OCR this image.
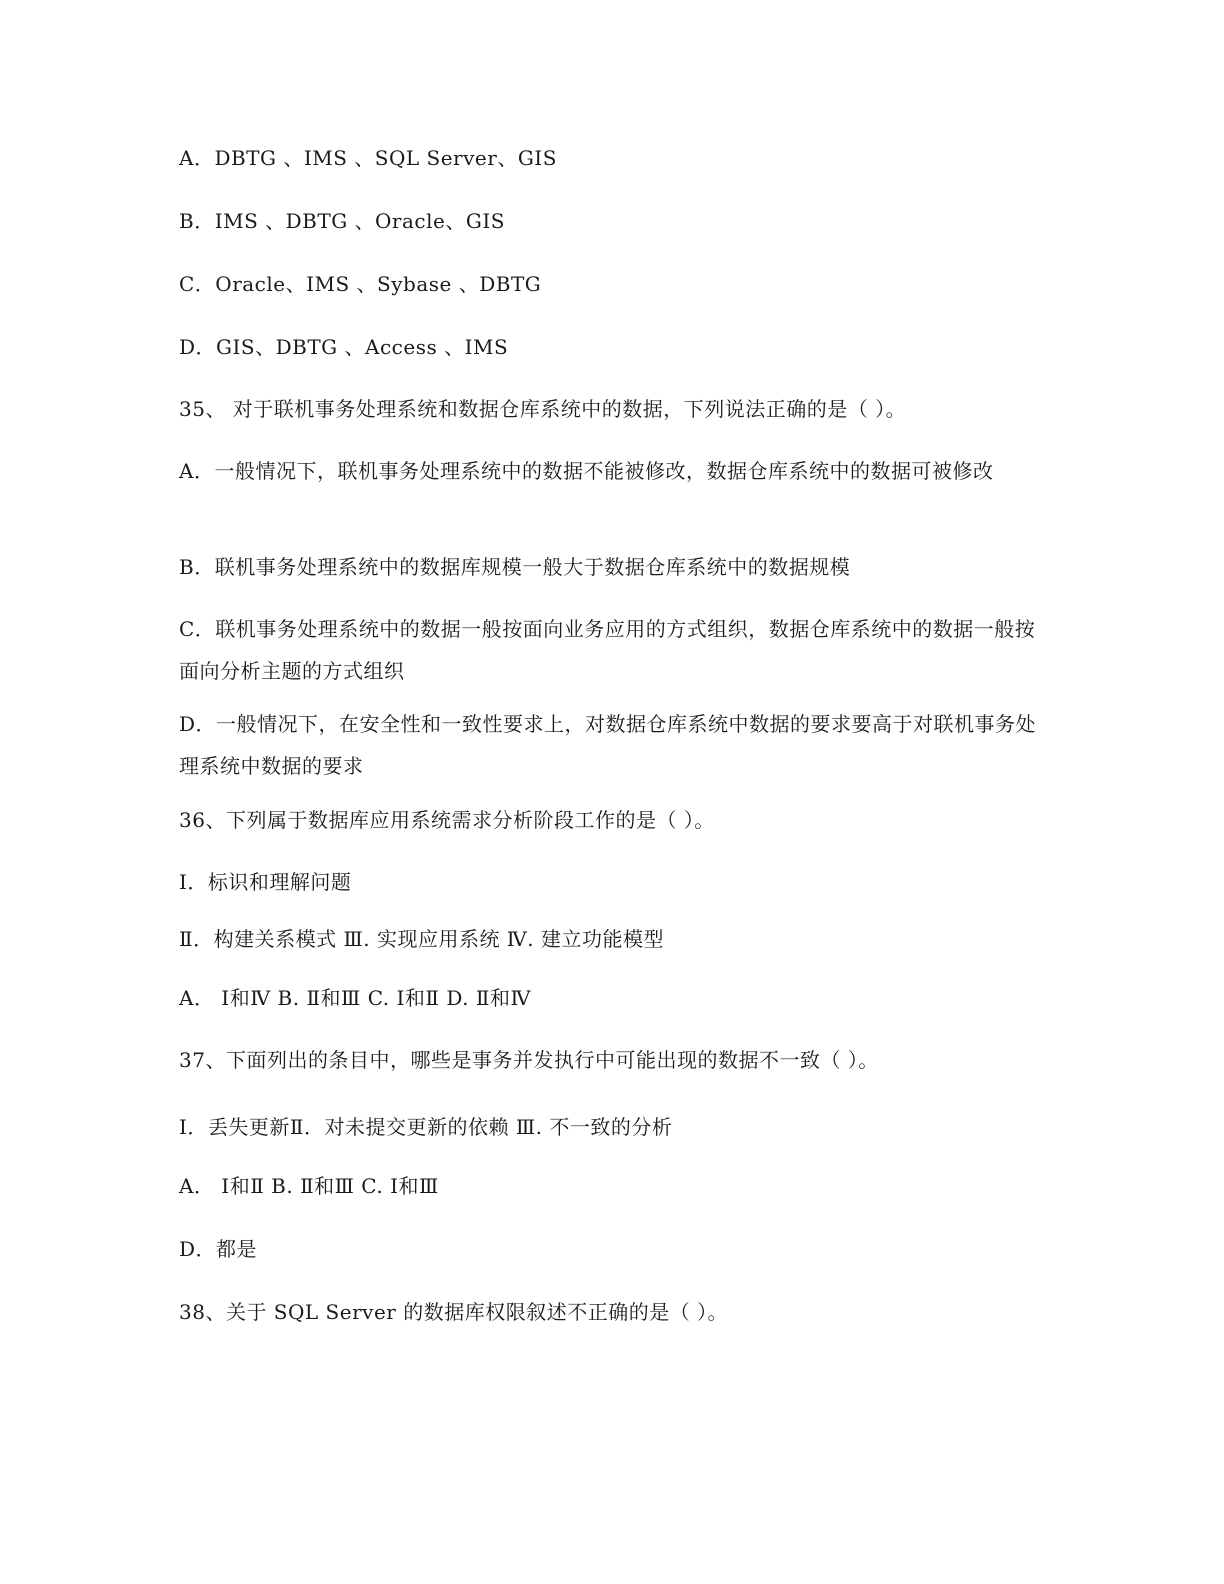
A．DBTG 、IMS 、SQL Server、GIS
B．IMS 、DBTG 、Oracle、GIS
C．Oracle、IMS 、Sybase 、DBTG
D．GIS、DBTG 、Access 、IMS
35、 对于联机事务处理系统和数据仓库系统中的数据，下列说法正确的是（ ）。
A．一般情况下，联机事务处理系统中的数据不能被修改，数据仓库系统中的数据可被修改
B．联机事务处理系统中的数据库规模一般大于数据仓库系统中的数据规模
C．联机事务处理系统中的数据一般按面向业务应用的方式组织，数据仓库系统中的数据一般按面向分析主题的方式组织
D．一般情况下，在安全性和一致性要求上，对数据仓库系统中数据的要求要高于对联机事务处理系统中数据的要求
36、下列属于数据库应用系统需求分析阶段工作的是（ ）。
Ⅰ．标识和理解问题
Ⅱ．构建关系模式 Ⅲ. 实现应用系统 Ⅳ. 建立功能模型
A． Ⅰ和Ⅳ B. Ⅱ和Ⅲ C. Ⅰ和Ⅱ D. Ⅱ和Ⅳ
37、下面列出的条目中，哪些是事务并发执行中可能出现的数据不一致（ ）。
Ⅰ．丢失更新Ⅱ．对未提交更新的依赖 Ⅲ. 不一致的分析
A． Ⅰ和Ⅱ B. Ⅱ和Ⅲ C. Ⅰ和Ⅲ
D．都是
38、关于 SQL Server 的数据库权限叙述不正确的是（ ）。
